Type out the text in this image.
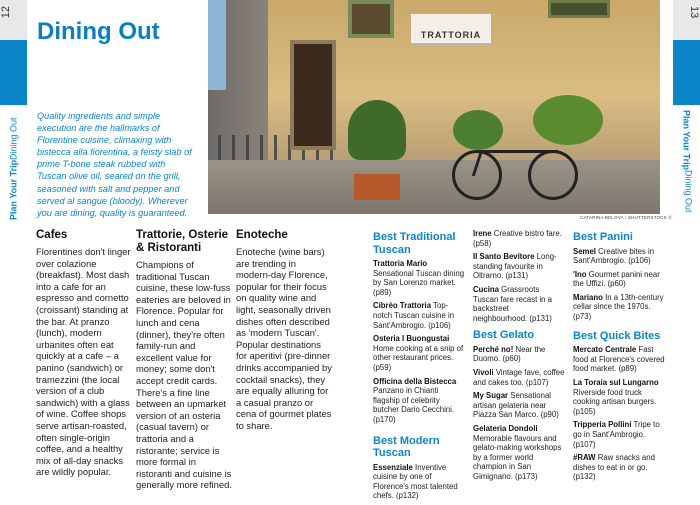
12
Plan Your Trip
Dining Out
13
Plan Your Trip
Dining Out
Dining Out

Quality ingredients and simple execution are the hallmarks of Florentine cuisine, climaxing with bistecca alla fiorentina, a feisty slab of prime T-bone steak rubbed with Tuscan olive oil, seared on the grill, seasoned with salt and pepper and served al sangue (bloody). Wherever you are dining, quality is guaranteed.

TRATTORIA
CATARINA BELOVA / SHUTTERSTOCK ©
Cafes

Florentines don't linger over colazione (breakfast). Most dash into a cafe for an espresso and cornetto (croissant) standing at the bar. At pranzo (lunch), modern urbanites often eat quickly at a cafe – a panino (sandwich) or tramezzini (the local version of a club sandwich) with a glass of wine. Coffee shops serve artisan-roasted, often single-origin coffee, and a healthy mix of all-day snacks are wildly popular.

Trattorie, Osterie & Ristoranti

Champions of traditional Tuscan cuisine, these low-fuss eateries are beloved in Florence. Popular for lunch and cena (dinner), they're often family-run and excellent value for money; some don't accept credit cards. There's a fine line between an upmarket version of an osteria (casual tavern) or trattoria and a ristorante; service is more formal in ristoranti and cuisine is generally more refined.

Enoteche

Enoteche (wine bars) are trending in modern-day Florence, popular for their focus on quality wine and light, seasonally driven dishes often described as 'modern Tuscan'. Popular destinations for aperitivi (pre-dinner drinks accompanied by cocktail snacks), they are equally alluring for a casual pranzo or cena of gourmet plates to share.

Best Traditional Tuscan
Trattoria Mario Sensational Tuscan dining by San Lorenzo market. (p89)
Cibrèo Trattoria Top-notch Tuscan cuisine in Sant'Ambrogio. (p106)
Osteria I Buongustai Home cooking at a snip of other restaurant prices. (p59)
Officina della Bistecca Panzano in Chianti flagship of celebrity butcher Dario Cecchini. (p170)
Best Modern Tuscan
Essenziale Inventive cuisine by one of Florence's most talented chefs. (p132)
Irene Creative bistro fare. (p58)
Il Santo Bevitore Long-standing favourite in Oltrarno. (p131)
Cucina Grassroots Tuscan fare recast in a backstreet neighbourhood. (p131)
Best Gelato
Perché no! Near the Duomo. (p60)
Vivoli Vintage fave, coffee and cakes too. (p107)
My Sugar Sensational artisan gelateria near Piazza San Marco. (p90)
Gelateria Dondoli Memorable flavours and gelato-making workshops by a former world champion in San Gimignano. (p173)
Best Panini
Semel Creative bites in Sant'Ambrogio. (p106)
'Ino Gourmet panini near the Uffizi. (p60)
Mariano In a 13th-century cellar since the 1970s. (p73)
Best Quick Bites
Mercato Centrale Fast food at Florence's covered food market. (p89)
La Toraia sul Lungarno Riverside food truck cooking artisan burgers. (p105)
Tripperia Pollini Tripe to go in Sant'Ambrogio. (p107)
#RAW Raw snacks and dishes to eat in or go. (p132)
